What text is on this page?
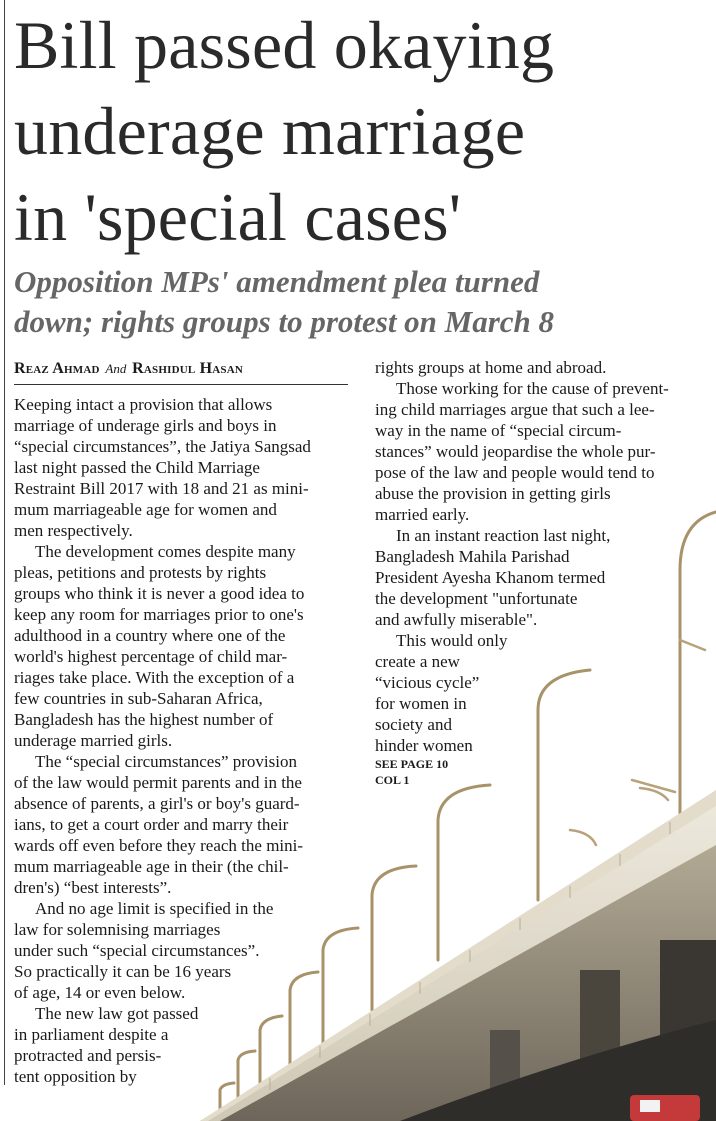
Bill passed okaying
underage marriage
in 'special cases'
Opposition MPs' amendment plea turned
down; rights groups to protest on March 8
Reaz Ahmad And Rashidul Hasan
Keeping intact a provision that allows
marriage of underage girls and boys in
“special circumstances”, the Jatiya Sangsad
last night passed the Child Marriage
Restraint Bill 2017 with 18 and 21 as mini-
mum marriageable age for women and
men respectively.
The development comes despite many
pleas, petitions and protests by rights
groups who think it is never a good idea to
keep any room for marriages prior to one's
adulthood in a country where one of the
world's highest percentage of child mar-
riages take place. With the exception of a
few countries in sub-Saharan Africa,
Bangladesh has the highest number of
underage married girls.
The “special circumstances” provision
of the law would permit parents and in the
absence of parents, a girl's or boy's guard-
ians, to get a court order and marry their
wards off even before they reach the mini-
mum marriageable age in their (the chil-
dren's) “best interests”.
And no age limit is specified in the
law for solemnising marriages
under such “special circumstances”.
So practically it can be 16 years
of age, 14 or even below.
The new law got passed
in parliament despite a
protracted and persis-
tent opposition by
rights groups at home and abroad.
Those working for the cause of prevent-
ing child marriages argue that such a lee-
way in the name of “special circum-
stances” would jeopardise the whole pur-
pose of the law and people would tend to
abuse the provision in getting girls
married early.
In an instant reaction last night,
Bangladesh Mahila Parishad
President Ayesha Khanom termed
the development "unfortunate
and awfully miserable".
This would only
create a new
“vicious cycle”
for women in
society and
hinder women
SEE PAGE 10
COL 1
